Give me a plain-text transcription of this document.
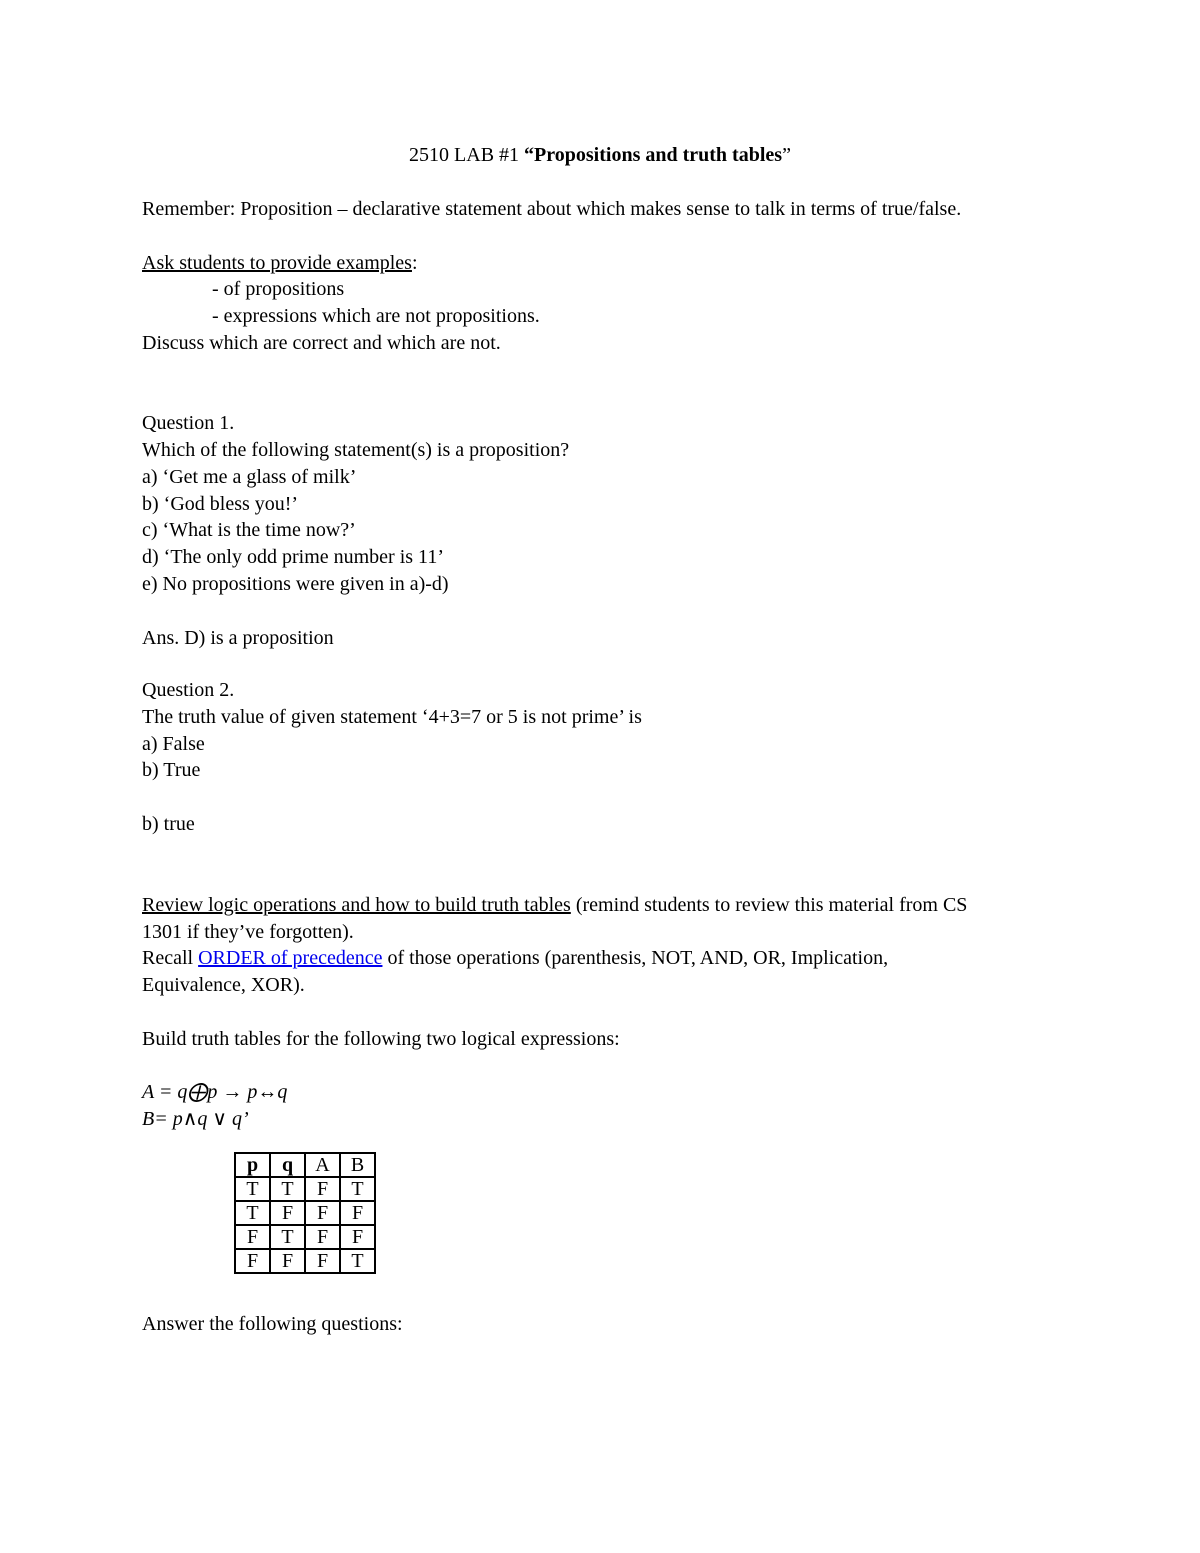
2510 LAB #1 “Propositions and truth tables”
Remember: Proposition – declarative statement about which makes sense to talk in terms of true/false.
Ask students to provide examples:
- of propositions
- expressions which are not propositions.
Discuss which are correct and which are not.
Question 1.
Which of the following statement(s) is a proposition?
a) ‘Get me a glass of milk’
b) ‘God bless you!’
c) ‘What is the time now?’
d) ‘The only odd prime number is 11’
e) No propositions were given in a)-d)
Ans. D) is a proposition
Question 2.
The truth value of given statement ‘4+3=7 or 5 is not prime’ is
a) False
b) True
b) true
Review logic operations and how to build truth tables (remind students to review this material from CS
1301 if they’ve forgotten).
Recall ORDER of precedence of those operations (parenthesis, NOT, AND, OR, Implication,
Equivalence, XOR).
Build truth tables for the following two logical expressions:
A = q⨁p → p↔q
B= p∧q ∨ q’
p	q	A	B
T	T	F	T
T	F	F	F
F	T	F	F
F	F	F	T
Answer the following questions:
